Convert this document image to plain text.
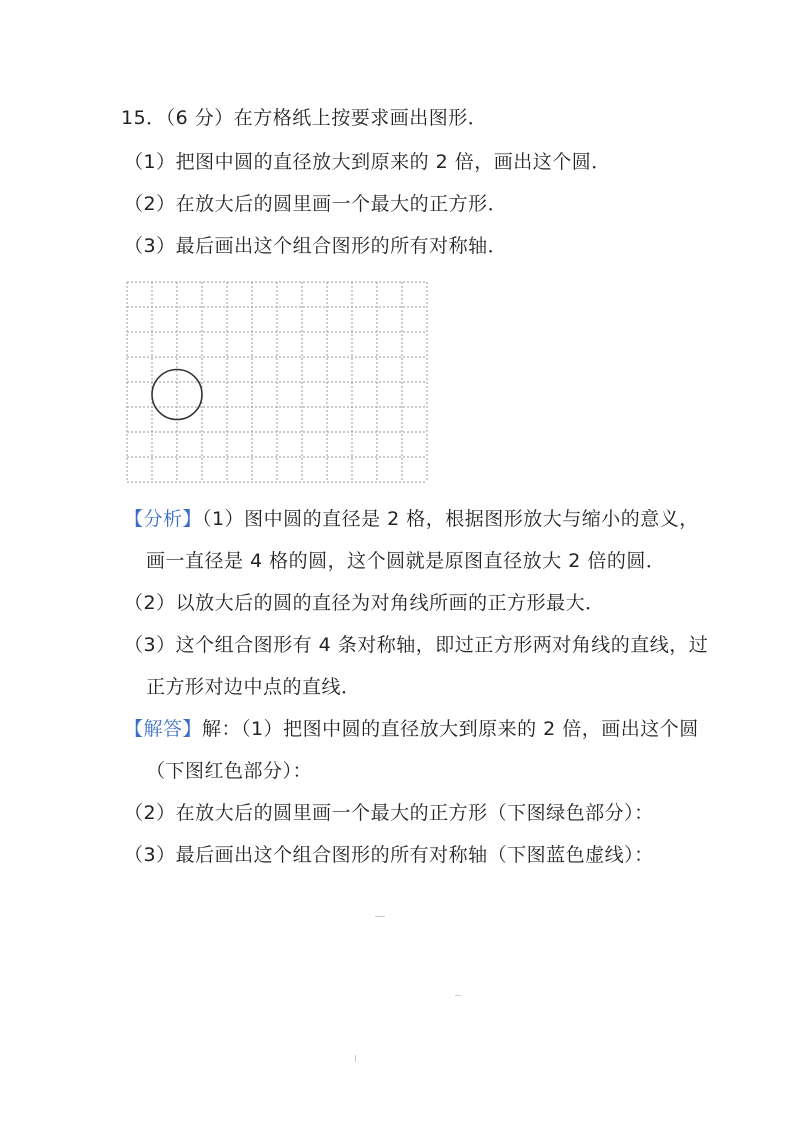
15．（6 分）在方格纸上按要求画出图形．
（1）把图中圆的直径放大到原来的 2 倍，画出这个圆．
（2）在放大后的圆里画一个最大的正方形．
（3）最后画出这个组合图形的所有对称轴．
【分析】（1）图中圆的直径是 2 格，根据图形放大与缩小的意义，
画一直径是 4 格的圆，这个圆就是原图直径放大 2 倍的圆．
（2）以放大后的圆的直径为对角线所画的正方形最大．
（3）这个组合图形有 4 条对称轴，即过正方形两对角线的直线，过
正方形对边中点的直线．
【解答】解：（1）把图中圆的直径放大到原来的 2 倍，画出这个圆
（下图红色部分）：
（2）在放大后的圆里画一个最大的正方形（下图绿色部分）：
（3）最后画出这个组合图形的所有对称轴（下图蓝色虚线）：
